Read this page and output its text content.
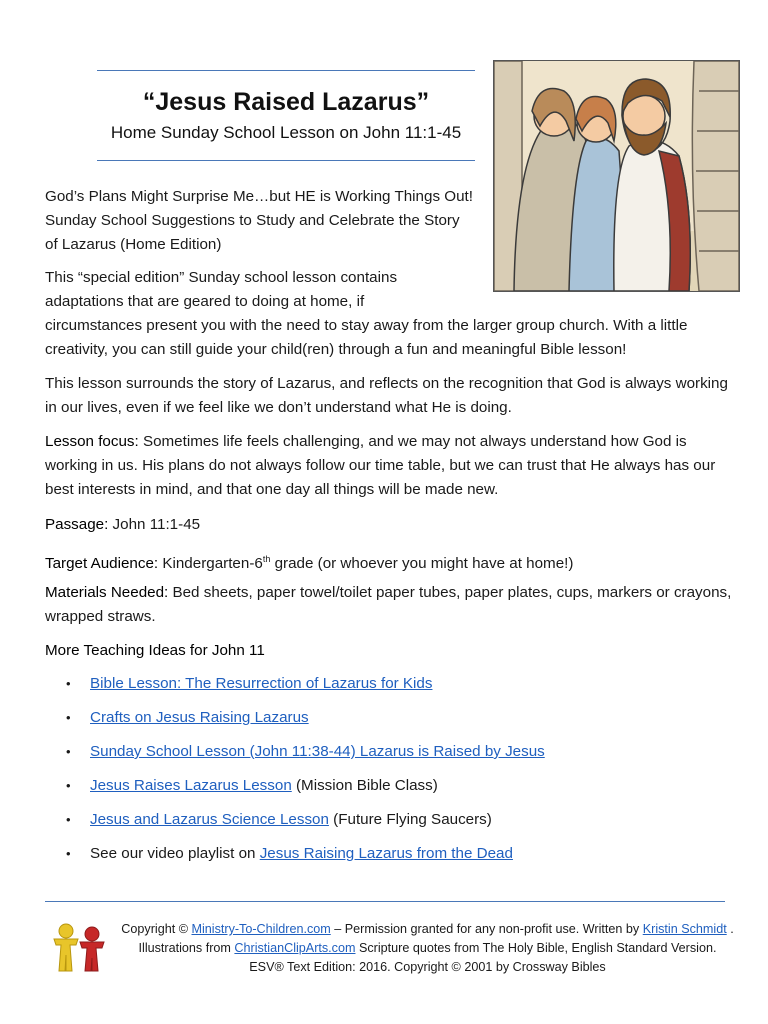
“Jesus Raised Lazarus”
Home Sunday School Lesson on John 11:1-45
God’s Plans Might Surprise Me…but HE is Working Things Out! Sunday School Suggestions to Study and Celebrate the Story of Lazarus (Home Edition)
This “special edition” Sunday school lesson contains
adaptations that are geared to doing at home, if
circumstances present you with the need to stay away from the larger group church. With a little creativity, you can still guide your child(ren) through a fun and meaningful Bible lesson!
This lesson surrounds the story of Lazarus, and reflects on the recognition that God is always working in our lives, even if we feel like we don’t understand what He is doing.
Lesson focus: Sometimes life feels challenging, and we may not always understand how God is working in us. His plans do not always follow our time table, but we can trust that He always has our best interests in mind, and that one day all things will be made new.
Passage: John 11:1-45
Target Audience: Kindergarten-6th grade (or whoever you might have at home!)
Materials Needed: Bed sheets, paper towel/toilet paper tubes, paper plates, cups, markers or crayons, wrapped straws.
More Teaching Ideas for John 11
• Bible Lesson: The Resurrection of Lazarus for Kids
• Crafts on Jesus Raising Lazarus
• Sunday School Lesson (John 11:38-44) Lazarus is Raised by Jesus
• Jesus Raises Lazarus Lesson (Mission Bible Class)
• Jesus and Lazarus Science Lesson (Future Flying Saucers)
• See our video playlist on Jesus Raising Lazarus from the Dead
Copyright © Ministry-To-Children.com – Permission granted for any non-profit use. Written by Kristin Schmidt . Illustrations from ChristianClipArts.com Scripture quotes from The Holy Bible, English Standard Version. ESV® Text Edition: 2016. Copyright © 2001 by Crossway Bibles
